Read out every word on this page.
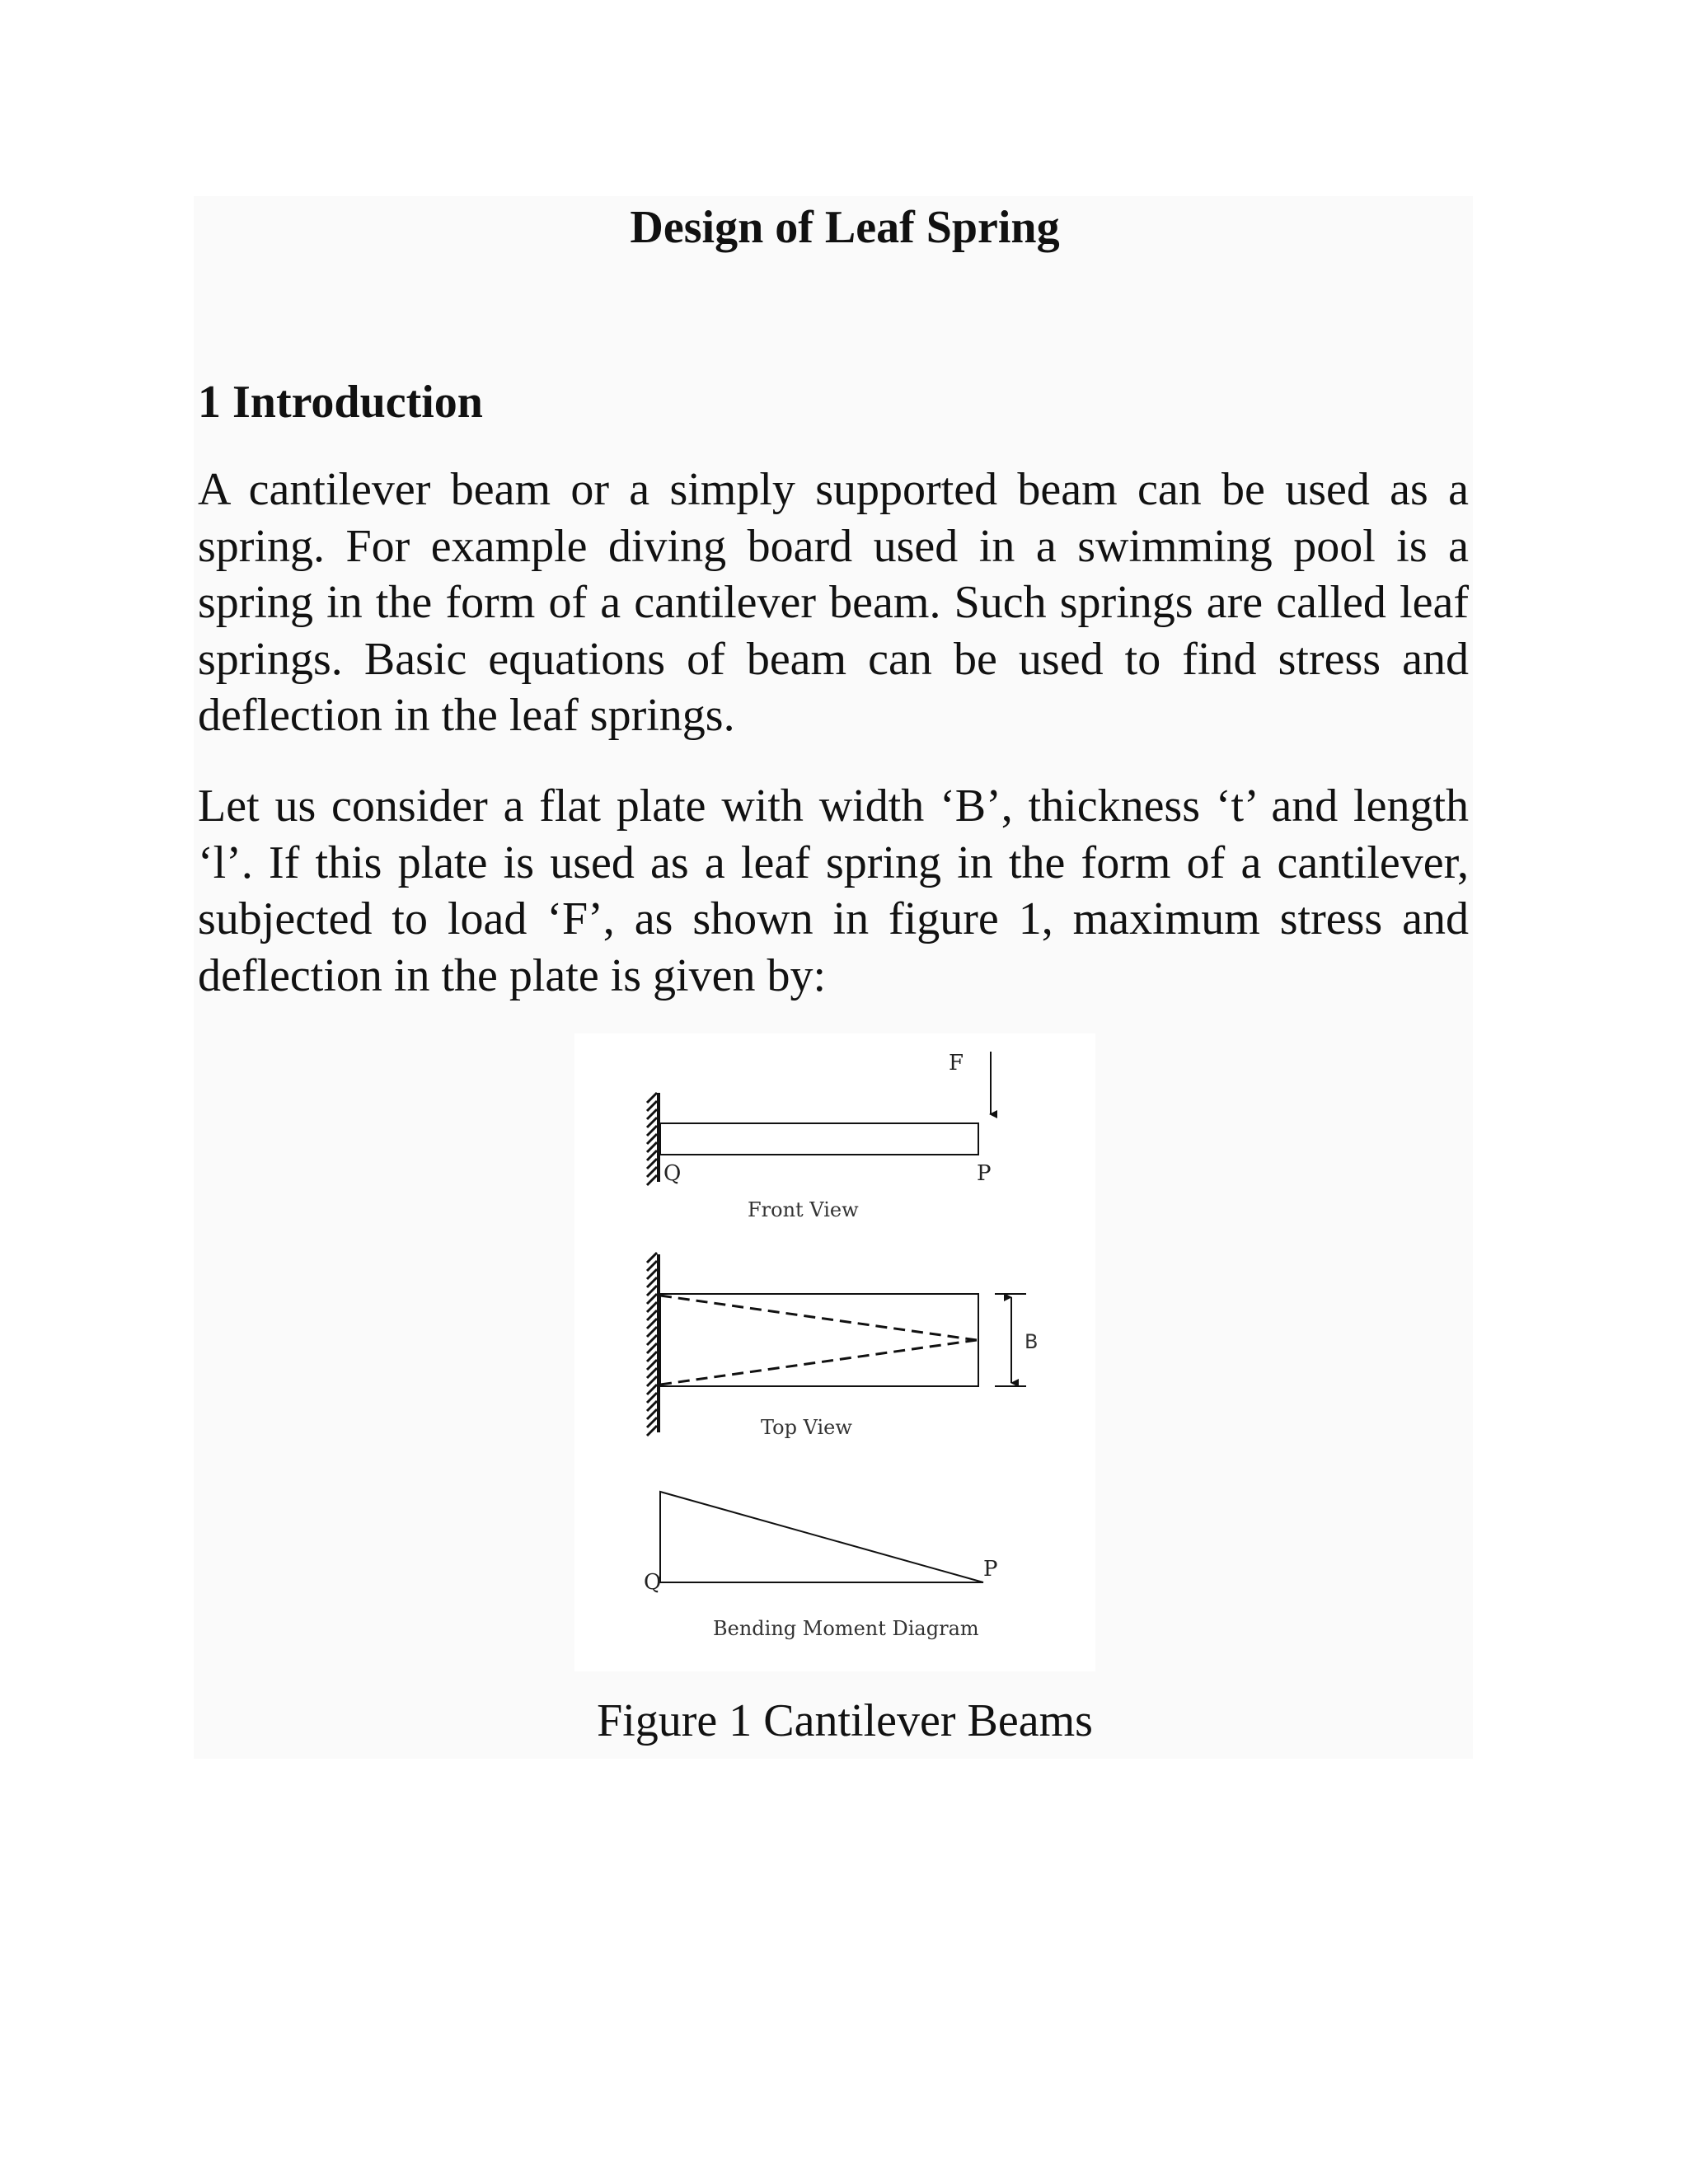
Design of Leaf Spring
1 Introduction

A cantilever beam or a simply supported beam can be used as a spring. For example diving board used in a swimming pool is a spring in the form of a cantilever beam. Such springs are called leaf springs. Basic equations of beam can be used to find stress and deflection in the leaf springs.

Let us consider a flat plate with width ‘B’, thickness ‘t’ and length ‘l’. If this plate is used as a leaf spring in the form of a cantilever, subjected to load ‘F’, as shown in figure 1, maximum stress and deflection in the plate is given by:

F
Q	P
Front View
B
Top View
Q
P
Bending Moment Diagram

Figure 1 Cantilever Beams
